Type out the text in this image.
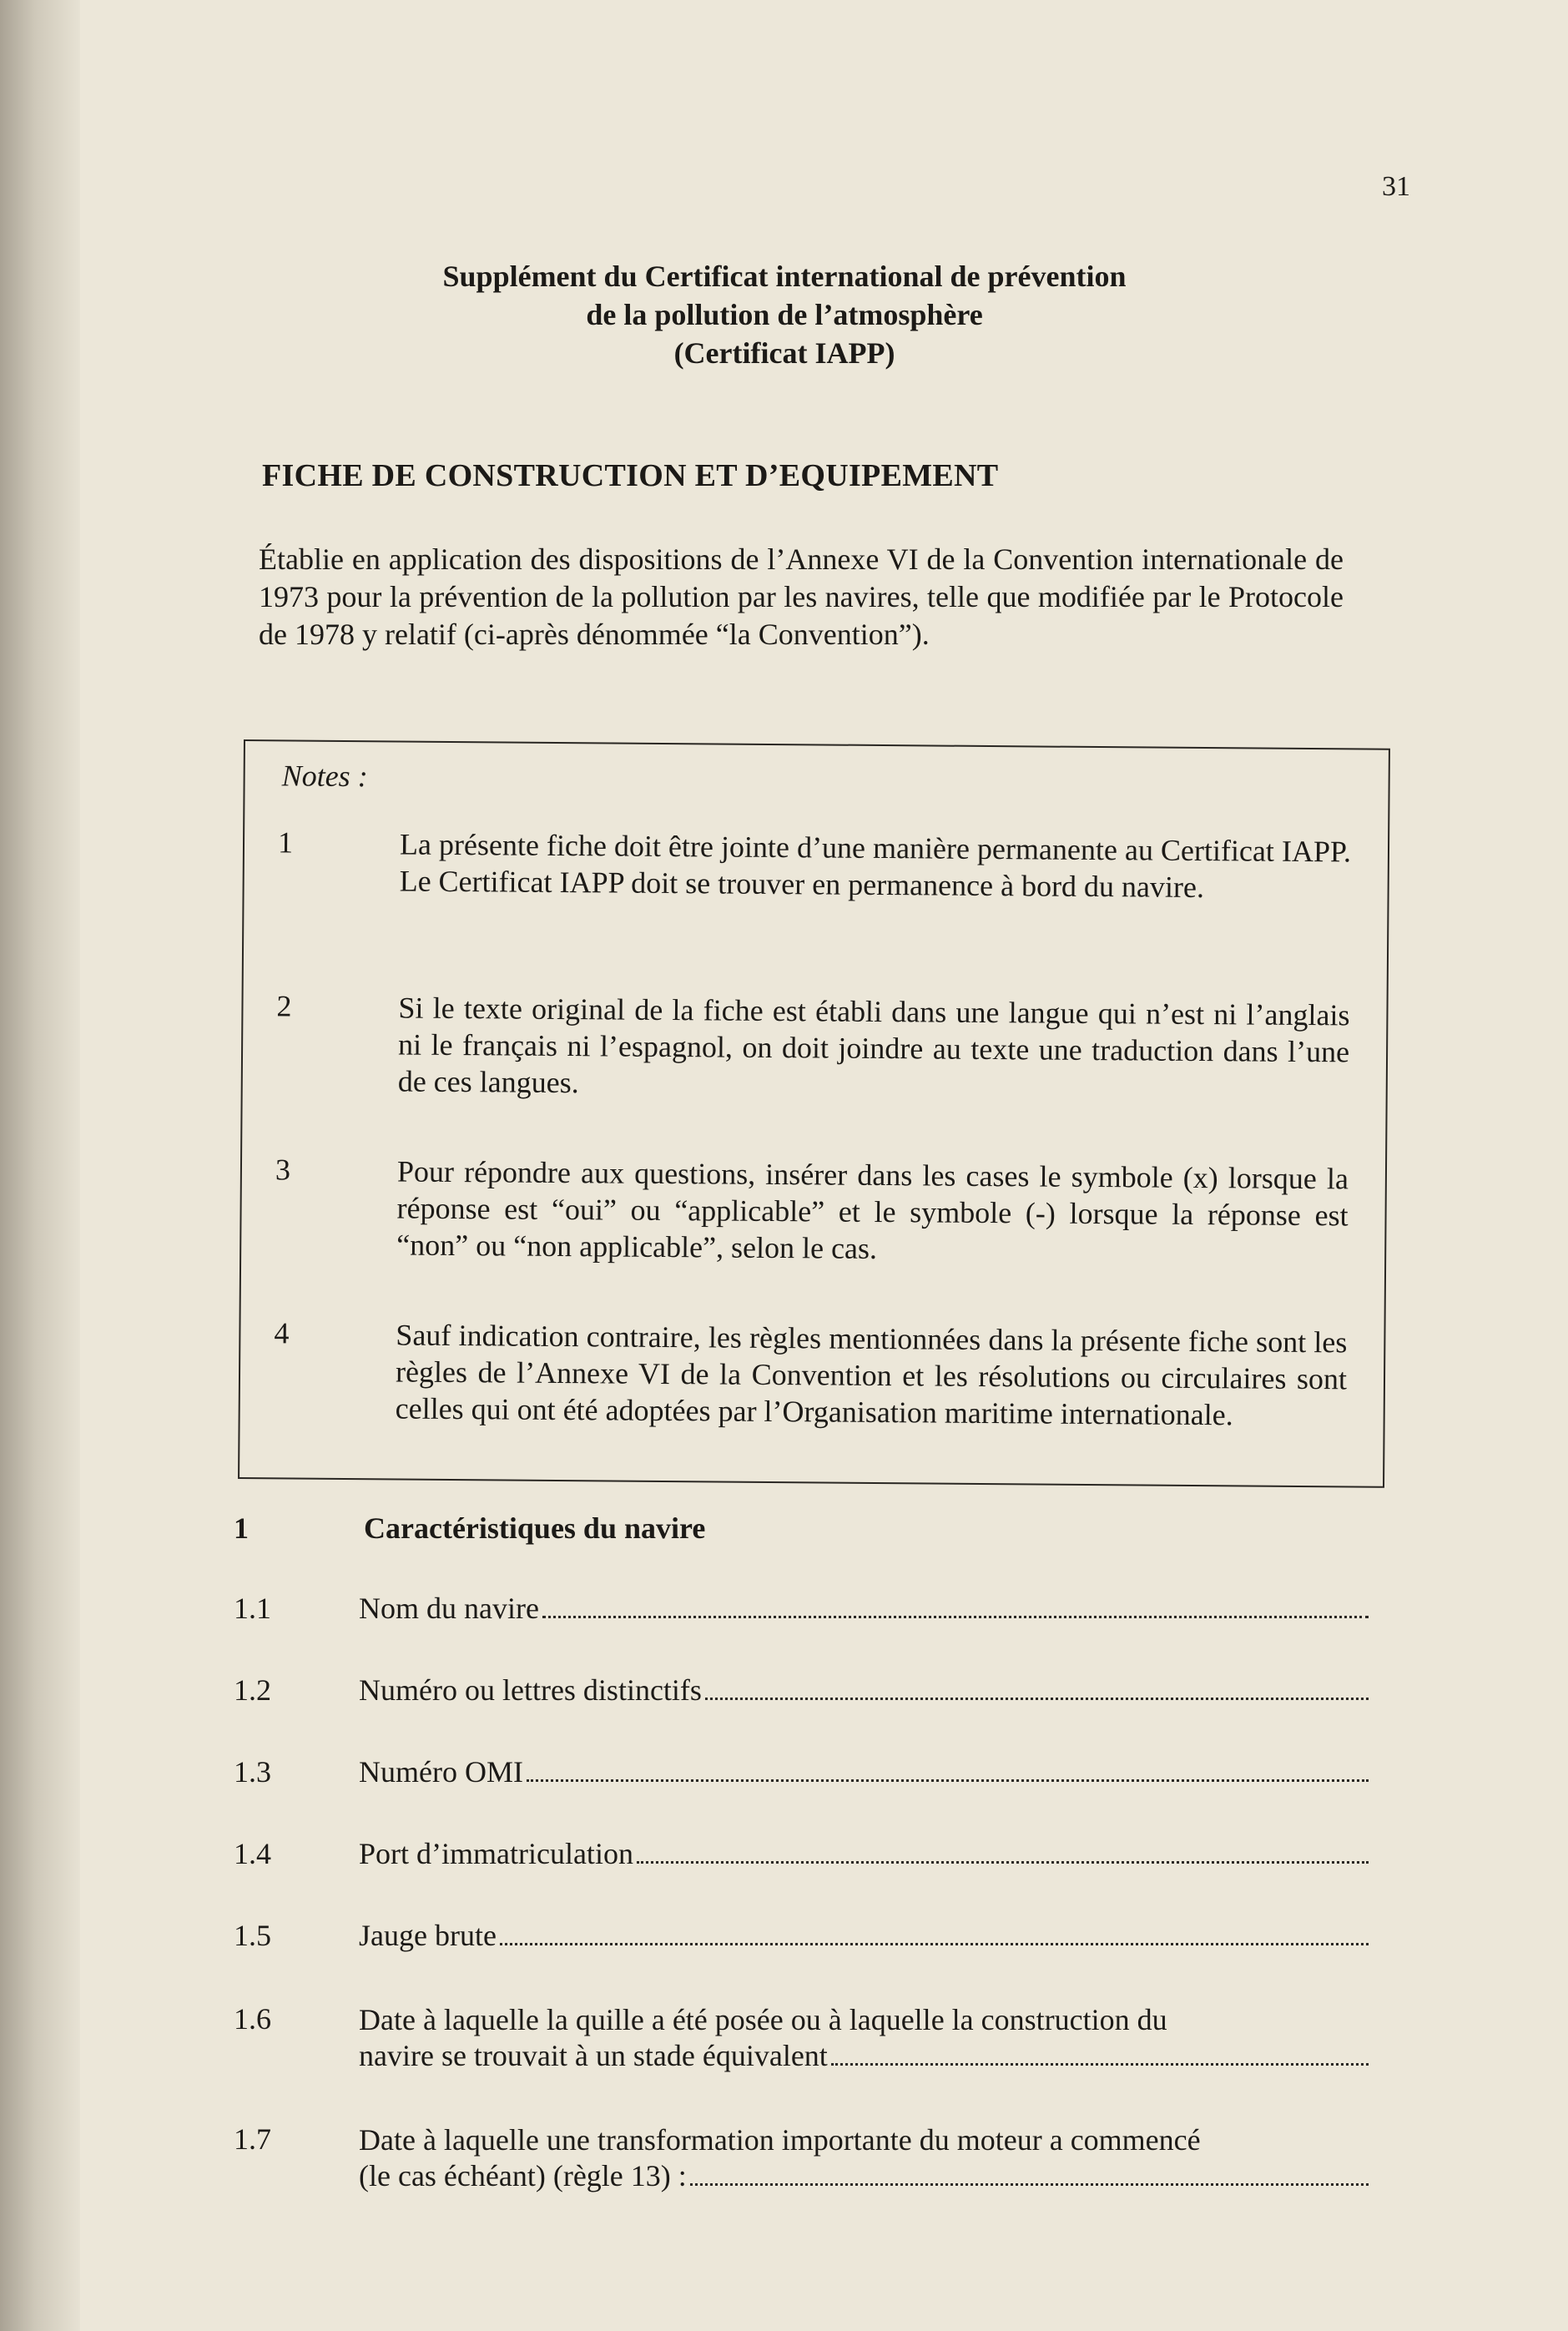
31
Supplément du Certificat international de prévention
de la pollution de l’atmosphère
(Certificat IAPP)
FICHE DE CONSTRUCTION ET D’EQUIPEMENT
Établie en application des dispositions de l’Annexe VI de la Convention internationale de 1973 pour la prévention de la pollution par les navires, telle que modifiée par le Protocole de 1978 y relatif (ci-après dénommée “la Convention”).
Notes :
1	La présente fiche doit être jointe d’une manière permanente au Certificat IAPP. Le Certificat IAPP doit se trouver en permanence à bord du navire.
2	Si le texte original de la fiche est établi dans une langue qui n’est ni l’anglais ni le français ni l’espagnol, on doit joindre au texte une traduction dans l’une de ces langues.
3	Pour répondre aux questions, insérer dans les cases le symbole (x) lorsque la réponse est “oui” ou “applicable” et le symbole (-) lorsque la réponse est “non” ou “non applicable”, selon le cas.
4	Sauf indication contraire, les règles mentionnées dans la présente fiche sont les règles de l’Annexe VI de la Convention et les résolutions ou circulaires sont celles qui ont été adoptées par l’Organisation maritime internationale.
1	Caractéristiques du navire
1.1	Nom du navire
1.2	Numéro ou lettres distinctifs
1.3	Numéro OMI
1.4	Port d’immatriculation
1.5	Jauge brute
1.6	Date à laquelle la quille a été posée ou à laquelle la construction du
navire se trouvait à un stade équivalent
1.7	Date à laquelle une transformation importante du moteur a commencé
(le cas échéant) (règle 13) :
